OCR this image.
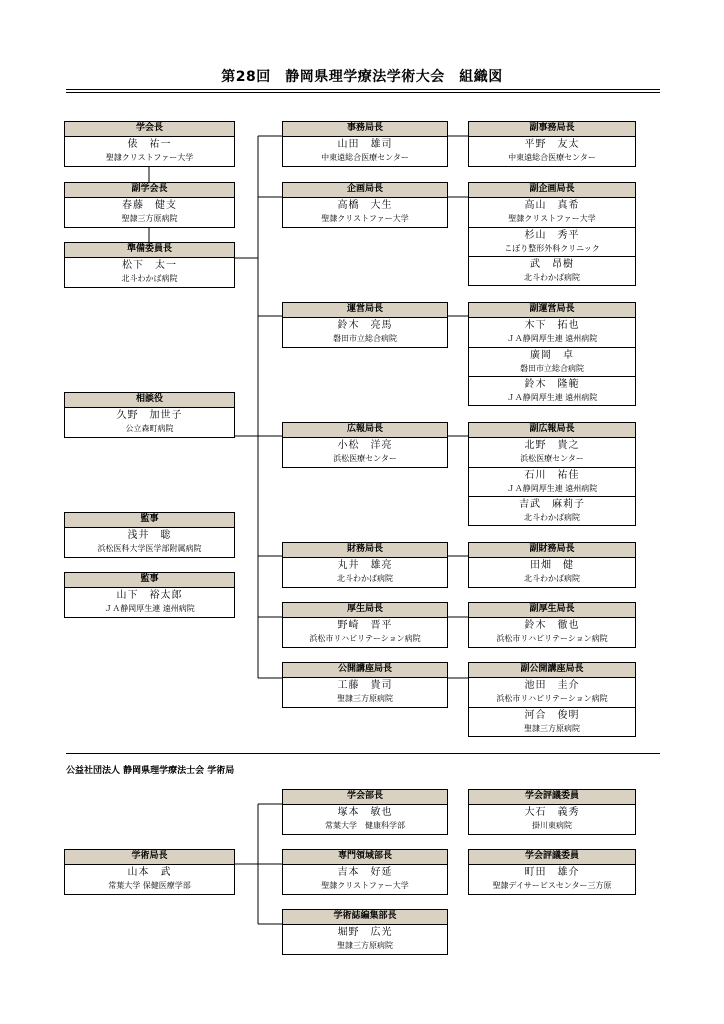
第28回　静岡県理学療法学術大会　組織図
学会長
俵　祐一
聖隷クリストファー大学
副学会長
春藤　健支
聖隷三方原病院
準備委員長
松下　太一
北斗わかば病院
相談役
久野　加世子
公立森町病院
監事
浅井　聡
浜松医科大学医学部附属病院
監事
山下　裕太郎
ＪＡ静岡厚生連 遠州病院
事務局長
山田　雄司
中東遠総合医療センター
企画局長
高橋　大生
聖隷クリストファー大学
運営局長
鈴木　亮馬
磐田市立総合病院
広報局長
小松　洋亮
浜松医療センター
財務局長
丸井　雄亮
北斗わかば病院
厚生局長
野崎　晋平
浜松市リハビリテーション病院
公開講座局長
工藤　貴司
聖隷三方原病院
副事務局長
平野　友太
中東遠総合医療センター
副企画局長
高山　真希
聖隷クリストファー大学
杉山　秀平
こぼり整形外科クリニック
武　昂樹
北斗わかば病院
副運営局長
木下　拓也
ＪＡ静岡厚生連 遠州病院
廣岡　卓
磐田市立総合病院
鈴木　隆範
ＪＡ静岡厚生連 遠州病院
副広報局長
北野　貴之
浜松医療センター
石川　祐佳
ＪＡ静岡厚生連 遠州病院
吉武　麻莉子
北斗わかば病院
副財務局長
田畑　健
北斗わかば病院
副厚生局長
鈴木　徹也
浜松市リハビリテーション病院
副公開講座局長
池田　圭介
浜松市リハビリテーション病院
河合　俊明
聖隷三方原病院
公益社団法人 静岡県理学療法士会 学術局
学術局長
山本　武
常葉大学 保健医療学部
学会部長
塚本　敏也
常葉大学　健康科学部
専門領域部長
吉本　好延
聖隷クリストファー大学
学術誌編集部長
堀野　広光
聖隷三方原病院
学会評議委員
大石　義秀
掛川東病院
学会評議委員
町田　雄介
聖隷デイサービスセンター三方原
